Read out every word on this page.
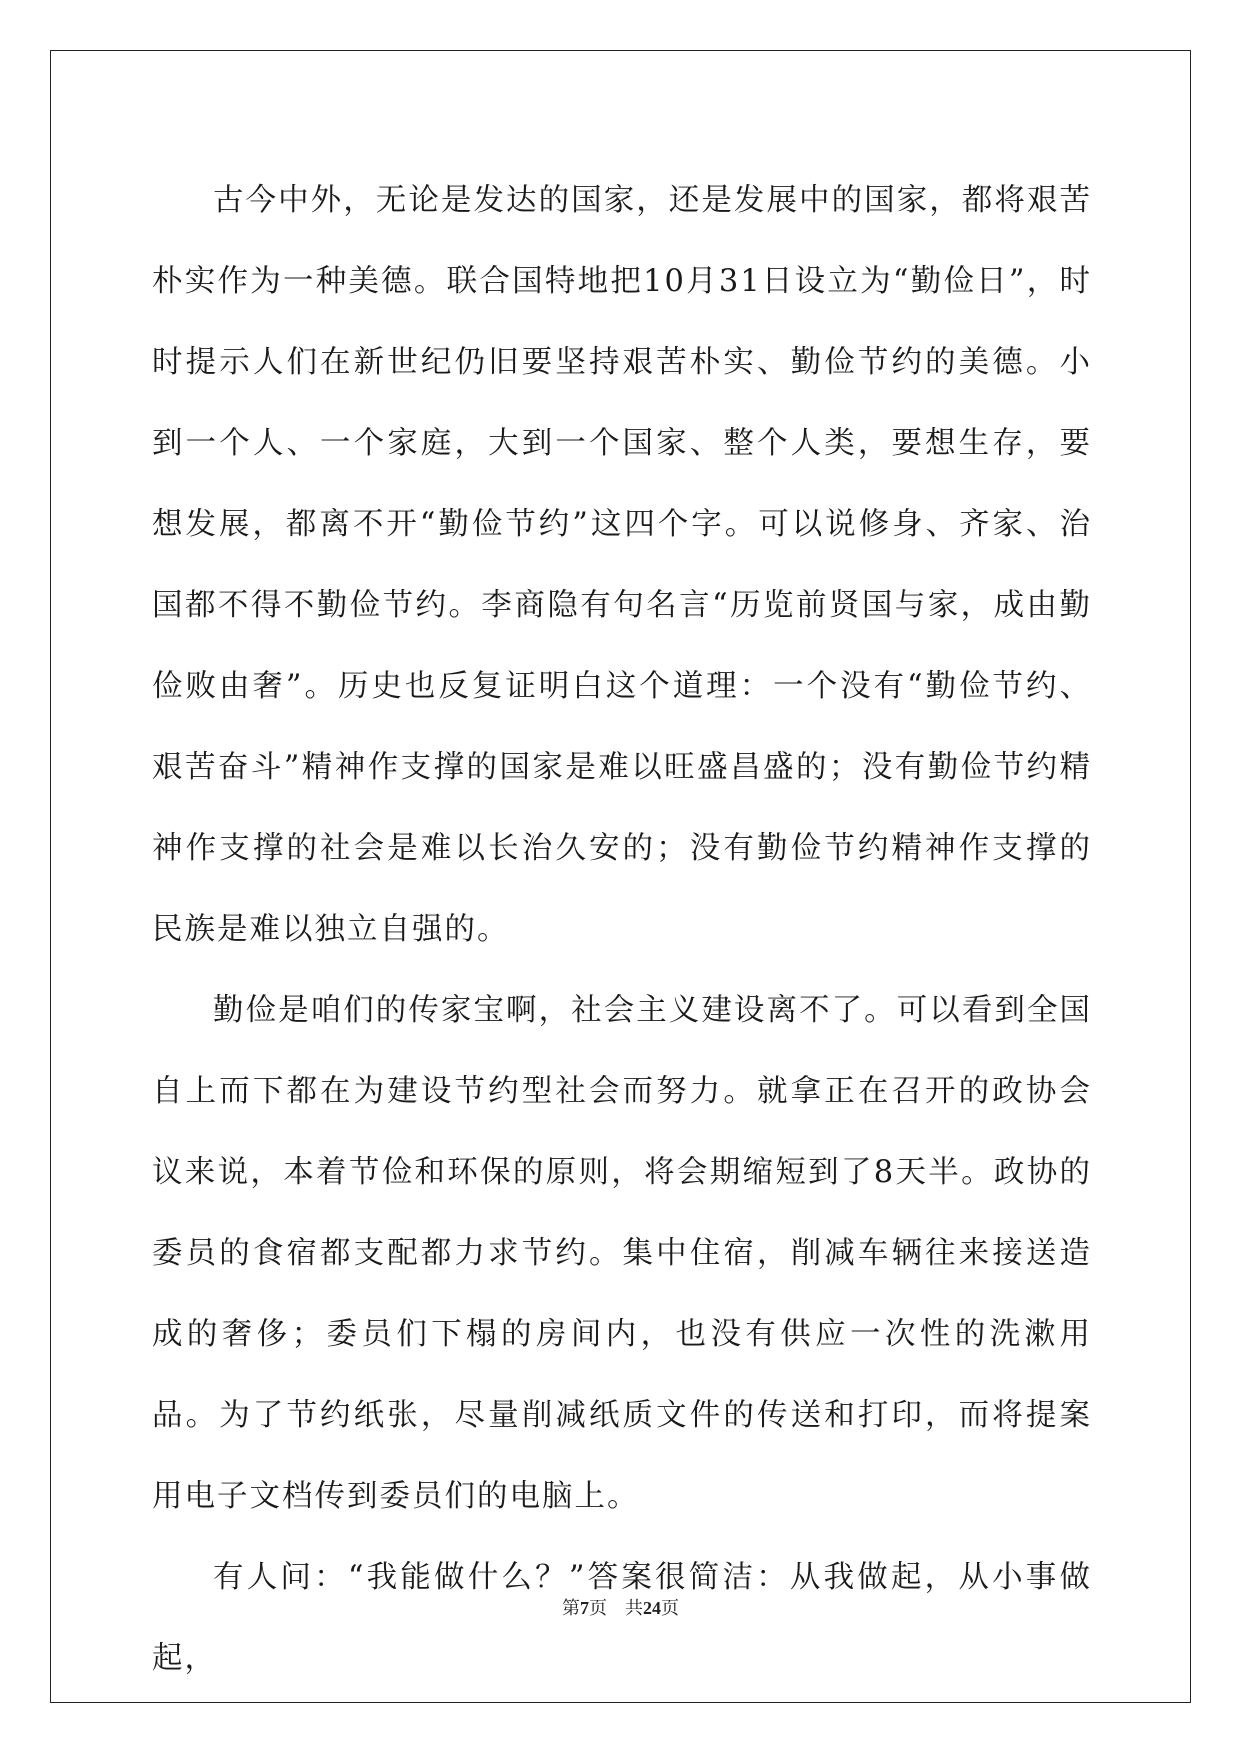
古今中外，无论是发达的国家，还是发展中的国家，都将艰苦朴实作为一种美德。联合国特地把10月31日设立为“勤俭日”，时时提示人们在新世纪仍旧要坚持艰苦朴实、勤俭节约的美德。小到一个人、一个家庭，大到一个国家、整个人类，要想生存，要想发展，都离不开“勤俭节约”这四个字。可以说修身、齐家、治国都不得不勤俭节约。李商隐有句名言“历览前贤国与家，成由勤俭败由奢”。历史也反复证明白这个道理：一个没有“勤俭节约、艰苦奋斗”精神作支撑的国家是难以旺盛昌盛的；没有勤俭节约精神作支撑的社会是难以长治久安的；没有勤俭节约精神作支撑的民族是难以独立自强的。

勤俭是咱们的传家宝啊，社会主义建设离不了。可以看到全国自上而下都在为建设节约型社会而努力。就拿正在召开的政协会议来说，本着节俭和环保的原则，将会期缩短到了8天半。政协的委员的食宿都支配都力求节约。集中住宿，削减车辆往来接送造成的奢侈；委员们下榻的房间内，也没有供应一次性的洗漱用品。为了节约纸张，尽量削减纸质文件的传送和打印，而将提案用电子文档传到委员们的电脑上。

有人问：“我能做什么？”答案很简洁：从我做起，从小事做起，

第7页 共24页
